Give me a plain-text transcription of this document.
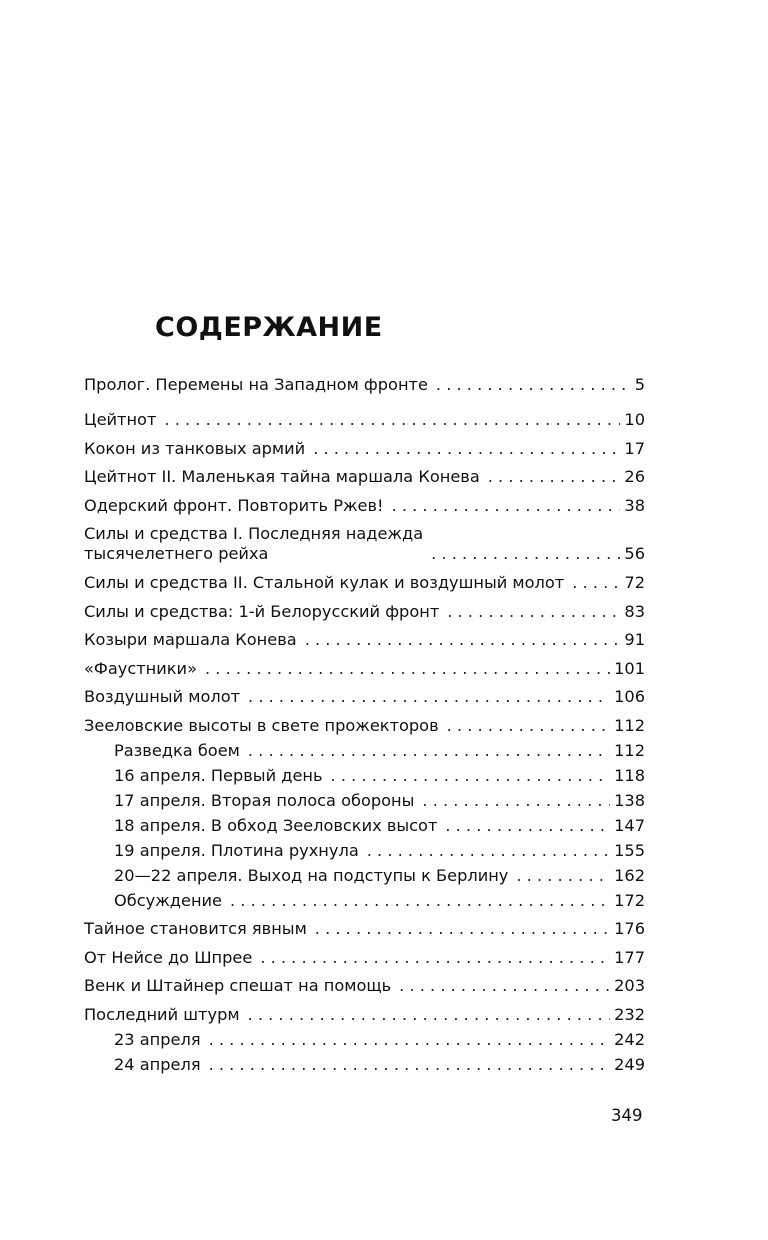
СОДЕРЖАНИЕ
Пролог. Перемены на Западном фронте . . .	5
Цейтнот . . .	10
Кокон из танковых армий . . .	17
Цейтнот II. Маленькая тайна маршала Конева . . .	26
Одерский фронт. Повторить Ржев! . . .	38
Силы и средства I. Последняя надежда
тысячелетнего рейха . . .	56
Силы и средства II. Стальной кулак и воздушный молот . . .	72
Силы и средства: 1-й Белорусский фронт . . .	83
Козыри маршала Конева . . .	91
«Фаустники» . . .	101
Воздушный молот . . .	106
Зееловские высоты в свете прожекторов . . .	112
Разведка боем . . .	112
16 апреля. Первый день . . .	118
17 апреля. Вторая полоса обороны . . .	138
18 апреля. В обход Зееловских высот . . .	147
19 апреля. Плотина рухнула . . .	155
20—22 апреля. Выход на подступы к Берлину . . .	162
Обсуждение . . .	172
Тайное становится явным . . .	176
От Нейсе до Шпрее . . .	177
Венк и Штайнер спешат на помощь . . .	203
Последний штурм . . .	232
23 апреля . . .	242
24 апреля . . .	249
349
